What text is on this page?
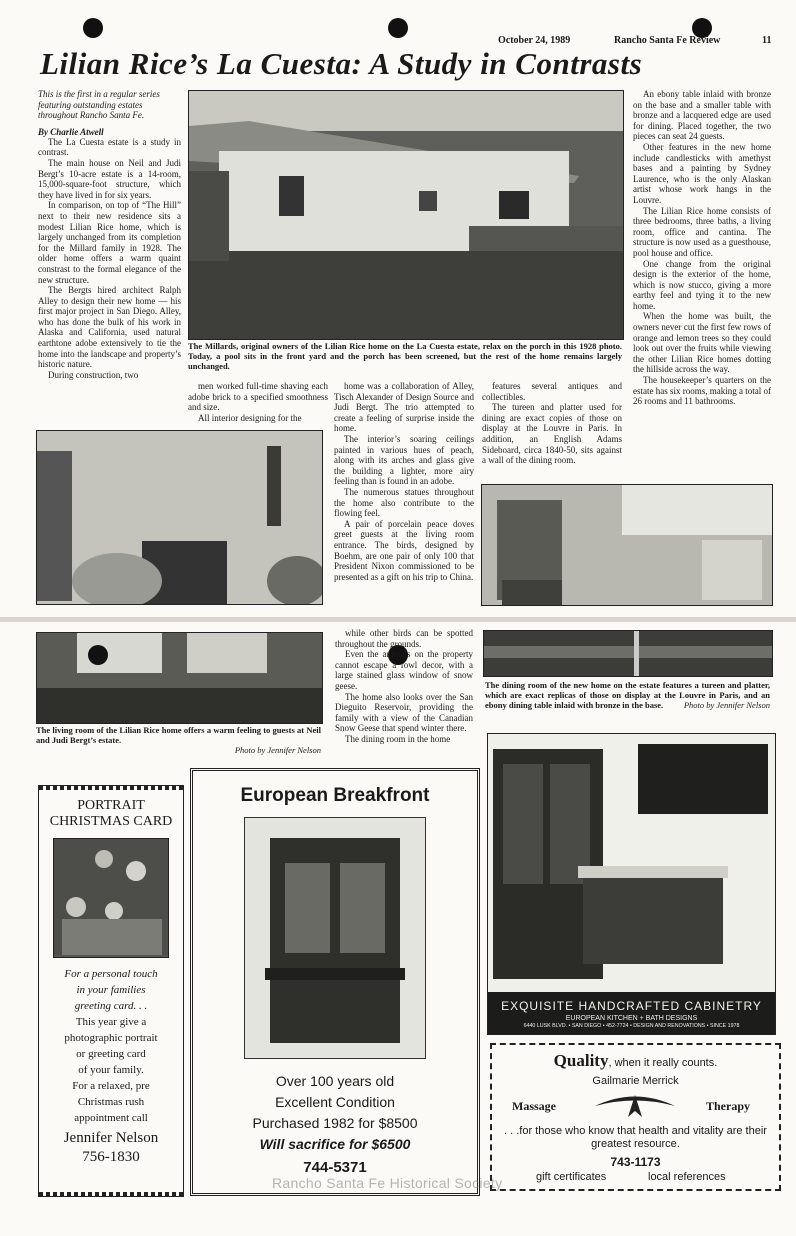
October 24, 1989	Rancho Santa Fe Review	11
Lilian Rice’s La Cuesta: A Study in Contrasts
This is the first in a regular series featuring outstanding estates throughout Rancho Santa Fe.
By Charlie Atwell

The La Cuesta estate is a study in contrast.

The main house on Neil and Judi Bergt’s 10-acre estate is a 14-room, 15,000-square-foot structure, which they have lived in for six years.

In comparison, on top of “The Hill” next to their new residence sits a modest Lilian Rice home, which is largely unchanged from its completion for the Millard family in 1928. The older home offers a warm quaint constrast to the formal elegance of the new structure.

The Bergts hired architect Ralph Alley to design their new home — his first major project in San Diego. Alley, who has done the bulk of his work in Alaska and California, used natural earthtone adobe extensively to tie the home into the landscape and property’s historic nature.

During construction, two

The Millards, original owners of the Lilian Rice home on the La Cuesta estate, relax on the porch in this 1928 photo. Today, a pool sits in the front yard and the porch has been screened, but the rest of the home remains largely unchanged.

men worked full-time shaving each adobe brick to a specified smoothness and size.

All interior designing for the

home was a collaboration of Alley, Tisch Alexander of Design Source and Judi Bergt. The trio attempted to create a feeling of surprise inside the home.

The interior’s soaring ceilings painted in various hues of peach, along with its arches and glass give the building a lighter, more airy feeling than is found in an adobe.

The numerous statues throughout the home also contribute to the flowing feel.

A pair of porcelain peace doves greet guests at the living room entrance. The birds, designed by Boehm, are one pair of only 100 that President Nixon commissioned to be presented as a gift on his trip to China.

features several antiques and collectibles.

The tureen and platter used for dining are exact copies of those on display at the Louvre in Paris. In addition, an English Adams Sideboard, circa 1840-50, sits against a wall of the dining room.

An ebony table inlaid with bronze on the base and a smaller table with bronze and a lacquered edge are used for dining. Placed together, the two pieces can seat 24 guests.

Other features in the new home include candlesticks with amethyst bases and a painting by Sydney Laurence, who is the only Alaskan artist whose work hangs in the Louvre.

The Lilian Rice home consists of three bedrooms, three baths, a living room, office and cantina. The structure is now used as a guesthouse, pool house and office.

One change from the original design is the exterior of the home, which is now stucco, giving a more earthy feel and tying it to the new home.

When the home was built, the owners never cut the first few rows of orange and lemon trees so they could look out over the fruits while viewing the other Lilian Rice homes dotting the hillside across the way.

The housekeeper’s quarters on the estate has six rooms, making a total of 26 rooms and 11 bathrooms.

The living room of the Lilian Rice home offers a warm feeling to guests at Neil and Judi Bergt’s estate.
Photo by Jennifer Nelson

while other birds can be spotted throughout the grounds.

Even the animals on the property cannot escape a fowl decor, with a large stained glass window of snow geese.

The home also looks over the San Dieguito Reservoir, providing the family with a view of the Canadian Snow Geese that spend winter there.

The dining room in the home

The dining room of the new home on the estate features a tureen and platter, which are exact replicas of those on display at the Louvre in Paris, and an ebony dining table inlaid with bronze in the base. Photo by Jennifer Nelson
PORTRAIT CHRISTMAS CARD
For a personal touch
in your families
greeting card. . .
This year give a
photographic portrait
or greeting card
of your family.
For a relaxed, pre
Christmas rush
appointment call
Jennifer Nelson
756-1830
European Breakfront
Over 100 years old
Excellent Condition
Purchased 1982 for $8500
Will sacrifice for $6500
744-5371
EXQUISITE HANDCRAFTED CABINETRY
EUROPEAN KITCHEN + BATH DESIGNS
6440 LUSK BLVD. • SAN DIEGO • 452-7724 • DESIGN AND RENOVATIONS • SINCE 1978
Quality, when it really counts.
Gailmarie Merrick
Massage	Therapy
. . .for those who know that health and vitality are their greatest resource.
743-1173
gift certificates	local references
Rancho Santa Fe Historical Society
